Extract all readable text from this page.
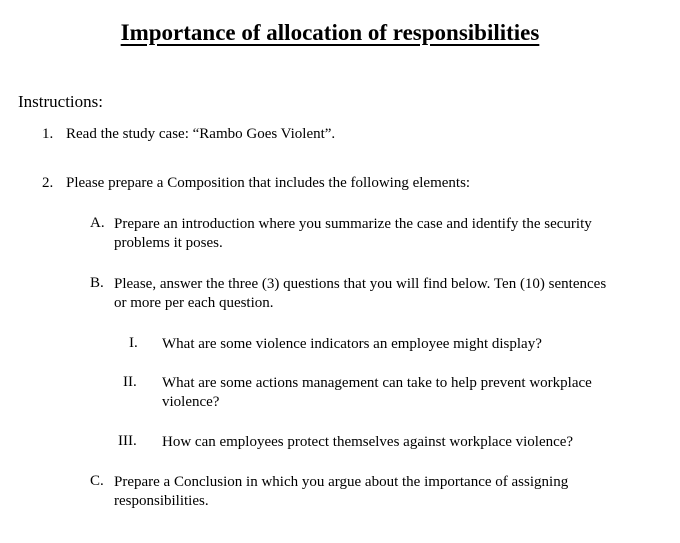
Importance of allocation of responsibilities
Instructions:
1. Read the study case: “Rambo Goes Violent”.
2. Please prepare a Composition that includes the following elements:
A. Prepare an introduction where you summarize the case and identify the security
problems it poses.
B. Please, answer the three (3) questions that you will find below. Ten (10) sentences
or more per each question.
I. What are some violence indicators an employee might display?
II. What are some actions management can take to help prevent workplace
violence?
III. How can employees protect themselves against workplace violence?
C. Prepare a Conclusion in which you argue about the importance of assigning
responsibilities.
